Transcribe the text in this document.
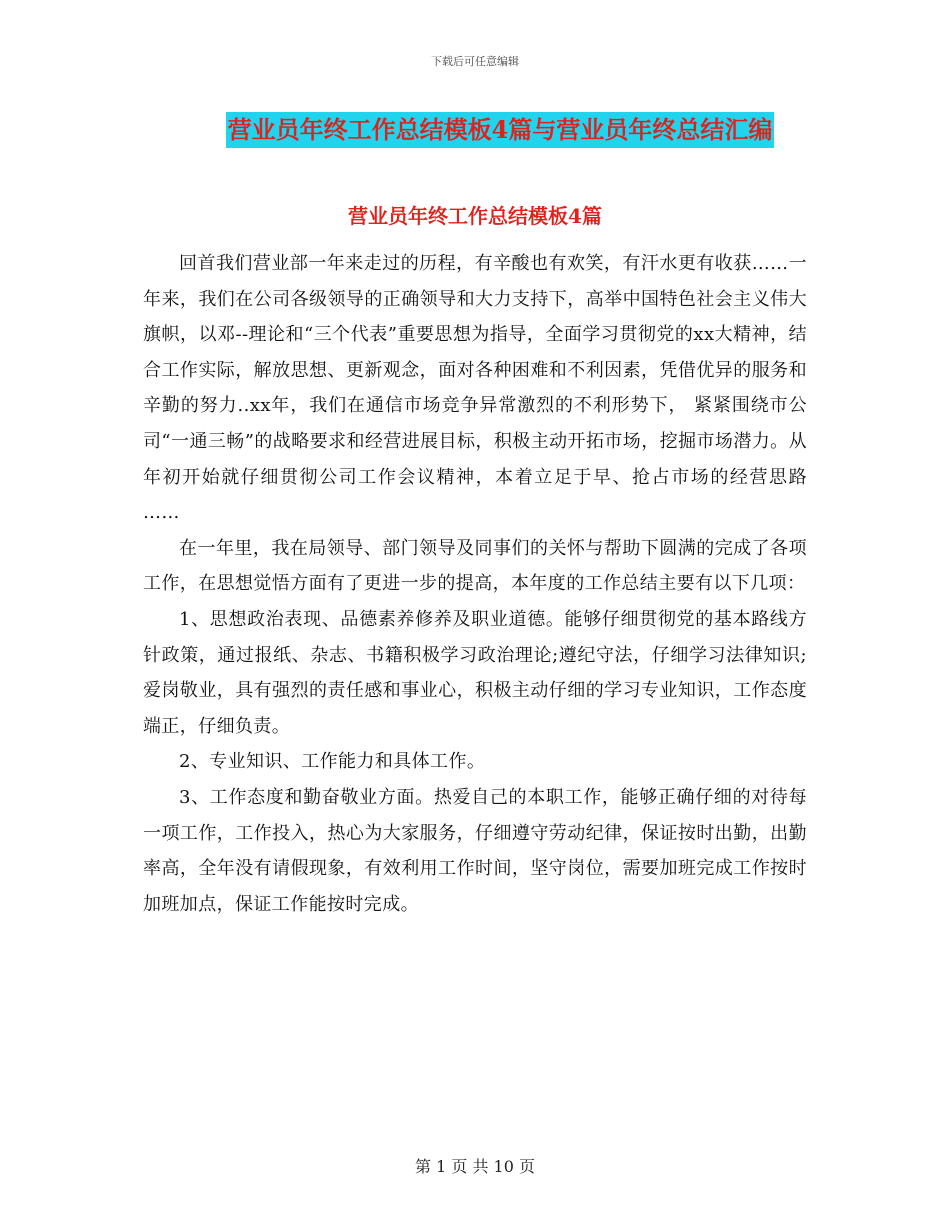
下载后可任意编辑
营业员年终工作总结模板4篇与营业员年终总结汇编
营业员年终工作总结模板4篇

回首我们营业部一年来走过的历程，有辛酸也有欢笑，有汗水更有收获……一年来，我们在公司各级领导的正确领导和大力支持下，高举中国特色社会主义伟大旗帜，以邓--理论和“三个代表”重要思想为指导，全面学习贯彻党的xx大精神，结合工作实际，解放思想、更新观念，面对各种困难和不利因素，凭借优异的服务和辛勤的努力..xx年，我们在通信市场竞争异常激烈的不利形势下， 紧紧围绕市公司“一通三畅”的战略要求和经营进展目标，积极主动开拓市场，挖掘市场潜力。从年初开始就仔细贯彻公司工作会议精神，本着立足于早、抢占市场的经营思路 ……

在一年里，我在局领导、部门领导及同事们的关怀与帮助下圆满的完成了各项工作，在思想觉悟方面有了更进一步的提高，本年度的工作总结主要有以下几项：

1、思想政治表现、品德素养修养及职业道德。能够仔细贯彻党的基本路线方针政策，通过报纸、杂志、书籍积极学习政治理论;遵纪守法，仔细学习法律知识;爱岗敬业，具有强烈的责任感和事业心，积极主动仔细的学习专业知识，工作态度端正，仔细负责。

2、专业知识、工作能力和具体工作。

3、工作态度和勤奋敬业方面。热爱自己的本职工作，能够正确仔细的对待每一项工作，工作投入，热心为大家服务，仔细遵守劳动纪律，保证按时出勤，出勤率高，全年没有请假现象，有效利用工作时间，坚守岗位，需要加班完成工作按时加班加点，保证工作能按时完成。

第 1 页 共 10 页
